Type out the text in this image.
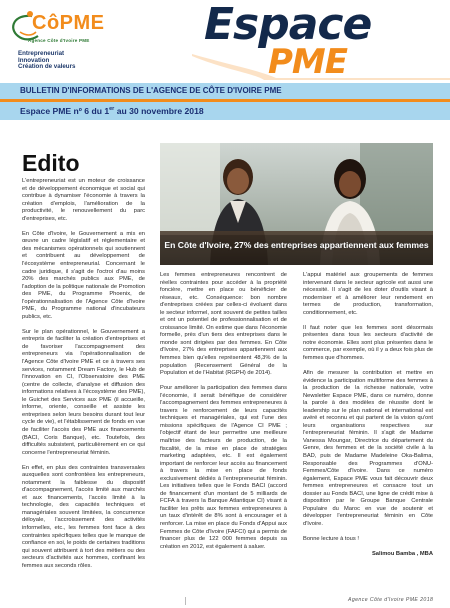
CôPME
Agence Côte d'Ivoire PME
Entrepreneuriat
Innovation
Création de valeurs
Espace
PME
BULLETIN D'INFORMATIONS DE L'AGENCE DE CÔTE D'IVOIRE PME
Espace PME nº 6 du 1er au 30 novembre 2018
Edito

L'entrepreneuriat est un moteur de croissance et de développement économique et social qui contribue à dynamiser l'économie à travers la création d'emplois, l'amélioration de la productivité, le renouvellement du parc d'entreprises, etc.

En Côte d'Ivoire, le Gouvernement a mis en œuvre un cadre législatif et réglementaire et des mécanismes opérationnels qui soutiennent et contribuent au développement de l'écosystème entrepreneurial. Concernant le cadre juridique, il s'agit de l'octroi d'au moins 20% des marchés publics aux PME, de l'adoption de la politique nationale de Promotion des PME, du Programme Phoenix, de l'opérationnalisation de l'Agence Côte d'Ivoire PME, du Programme national d'incubateurs publics, etc.

Sur le plan opérationnel, le Gouvernement a entrepris de faciliter la création d'entreprises et de favoriser l'accompagnement des entrepreneurs via l'opérationnalisation de l'Agence Côte d'Ivoire PME et ce à travers ses services, notamment Dream Factory, le Hub de l'innovation en CI, l'Observatoire des PME (centre de collecte, d'analyse et diffusion des informations relatives à l'écosystème des PME), le Guichet des Services aux PME (il accueille, informe, oriente, conseille et assiste les entreprises selon leurs besoins durant tout leur cycle de vie), et l'établissement de fonds en vue de faciliter l'accès des PME aux financements (BACI, Coris Banque), etc. Toutefois, des difficultés subsistent, particulièrement en ce qui concerne l'entrepreneuriat féminin.

En effet, en plus des contraintes transversales auxquelles sont confrontées les entrepreneurs, notamment la faiblesse du dispositif d'accompagnement, l'accès limité aux marchés et aux financements, l'accès limité à la technologie, des capacités techniques et managériales souvent limitées, la concurrence déloyale, l'accroissement des activités informelles, etc., les femmes font face à des contraintes spécifiques telles que le manque de confiance en soi, le poids de certaines traditions qui souvent attribuent à tort des métiers ou des secteurs d'activités aux hommes, confinant les femmes aux seconds rôles.

En Côte d'Ivoire, 27% des entreprises appartiennent aux femmes

Les femmes entrepreneures rencontrent de réelles contraintes pour accéder à la propriété foncière, mettre en place ou bénéficier de réseaux, etc. Conséquence: bon nombre d'entreprises créées par celles-ci évoluent dans le secteur informel, sont souvent de petites tailles et ont un potentiel de professionnalisation et de croissance limité. On estime que dans l'économie formelle, près d'un tiers des entreprises dans le monde sont dirigées par des femmes. En Côte d'Ivoire, 27% des entreprises appartiennent aux femmes bien qu'elles représentent 48,3% de la population (Recensement Général de la Population et de l'Habitat (RGPH) de 2014).

Pour améliorer la participation des femmes dans l'économie, il serait bénéfique de considérer l'accompagnement des femmes entrepreneures à travers le renforcement de leurs capacités techniques et managériales, qui est l'une des missions spécifiques de l'Agence CI PME ; l'objectif étant de leur permettre une meilleure maîtrise des facteurs de production, de la fiscalité, de la mise en place de stratégies marketing adaptées, etc. Il est également important de renforcer leur accès au financement à travers la mise en place de fonds exclusivement dédiés à l'entrepreneuriat féminin. Les initiatives telles que le Fonds BACI (accord de financement d'un montant de 5 milliards de FCFA à travers la Banque Atlantique CI) visant à faciliter les prêts aux femmes entrepreneures à un taux d'intérêt de 8% sont à encourager et à renforcer. La mise en place du Fonds d'Appui aux Femmes de Côte d'Ivoire (FAFCI) qui a permis de financer plus de 122 000 femmes depuis sa création en 2012, est également à saluer.

L'appui matériel aux groupements de femmes intervenant dans le secteur agricole est aussi une nécessité. Il s'agit de les doter d'outils visant à moderniser et à améliorer leur rendement en termes de production, transformation, conditionnement, etc.

Il faut noter que les femmes sont désormais présentes dans tous les secteurs d'activité de notre économie. Elles sont plus présentes dans le commerce, par exemple, où il y a deux fois plus de femmes que d'hommes.

Afin de mesurer la contribution et mettre en évidence la participation multiforme des femmes à la production de la richesse nationale, votre Newsletter Espace PME, dans ce numéro, donne la parole à des modèles de réussite dont le leadership sur le plan national et international est avéré et reconnu et qui partent de la vision qu'ont leurs organisations respectives sur l'entrepreneuriat féminin. Il s'agit de Madame Vanessa Moungar, Directrice du département du Genre, des femmes et de la société civile à la BAD, puis de Madame Madeleine Oka-Balima, Responsable des Programmes d'ONU-Femmes/Côte d'Ivoire. Dans ce numéro également, Espace PME vous fait découvrir deux femmes entrepreneures et consacre tout un dossier au Fonds BACI, une ligne de crédit mise à disposition par le Groupe Banque Centrale Populaire du Maroc en vue de soutenir et développer l'entrepreneuriat féminin en Côte d'Ivoire.

Bonne lecture à tous !

Salimou Bamba , MBA
Agence Côte d'Ivoire PME 2018
